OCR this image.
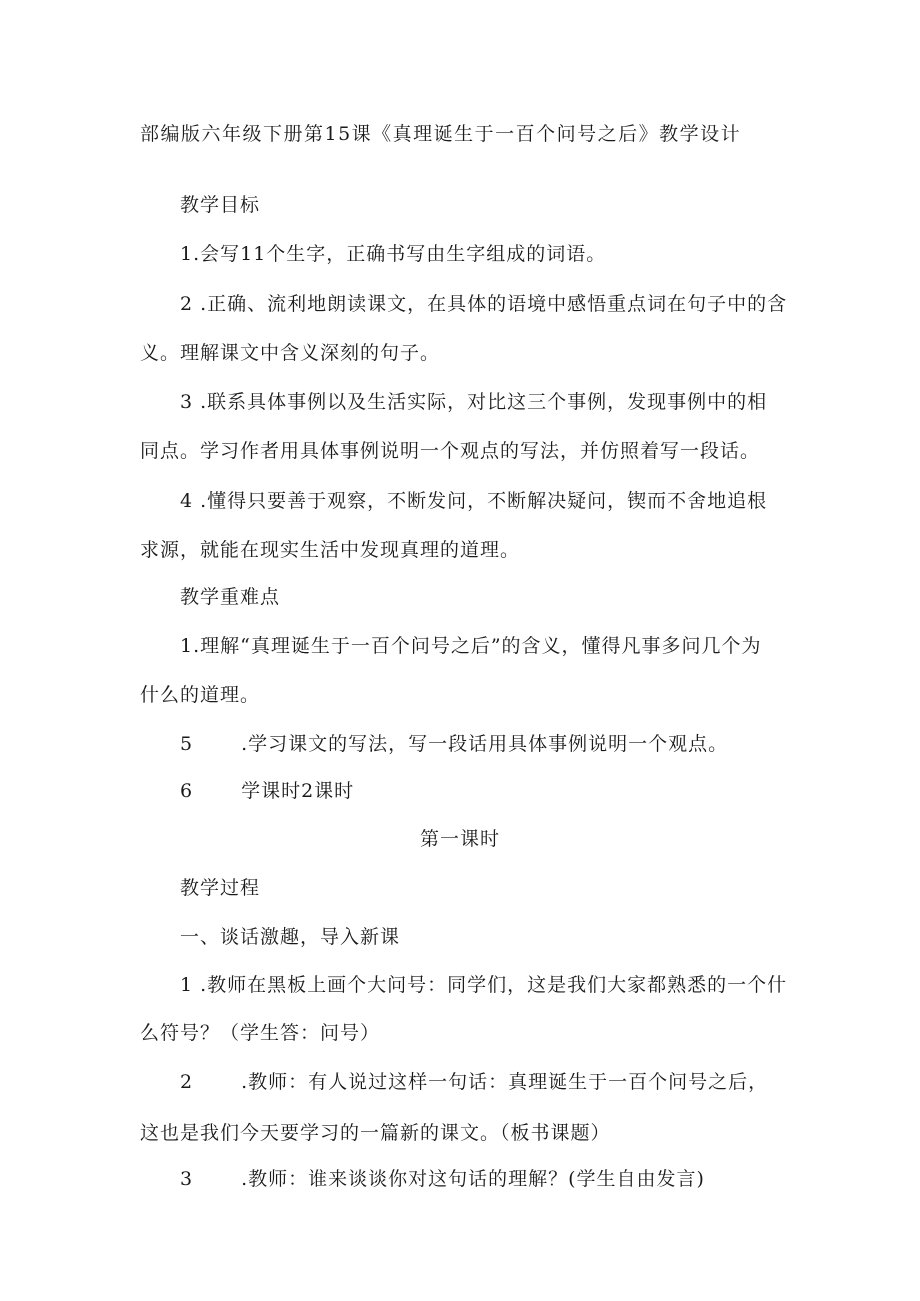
部编版六年级下册第15课《真理诞生于一百个问号之后》教学设计
教学目标
1.会写11个生字，正确书写由生字组成的词语。
2 .正确、流利地朗读课文，在具体的语境中感悟重点词在句子中的含
义。理解课文中含义深刻的句子。
3 .联系具体事例以及生活实际，对比这三个事例，发现事例中的相
同点。学习作者用具体事例说明一个观点的写法，并仿照着写一段话。
4 .懂得只要善于观察，不断发问，不断解决疑问，锲而不舍地追根
求源，就能在现实生活中发现真理的道理。
教学重难点
1.理解“真理诞生于一百个问号之后”的含义，懂得凡事多问几个为
什么的道理。
5	.学习课文的写法，写一段话用具体事例说明一个观点。
6	学课时2课时
第一课时
教学过程
一、谈话激趣，导入新课
1 .教师在黑板上画个大问号：同学们，这是我们大家都熟悉的一个什
么符号？（学生答：问号）
2	.教师：有人说过这样一句话：真理诞生于一百个问号之后，
这也是我们今天要学习的一篇新的课文。（板书课题）
3	.教师：谁来谈谈你对这句话的理解？(学生自由发言)
